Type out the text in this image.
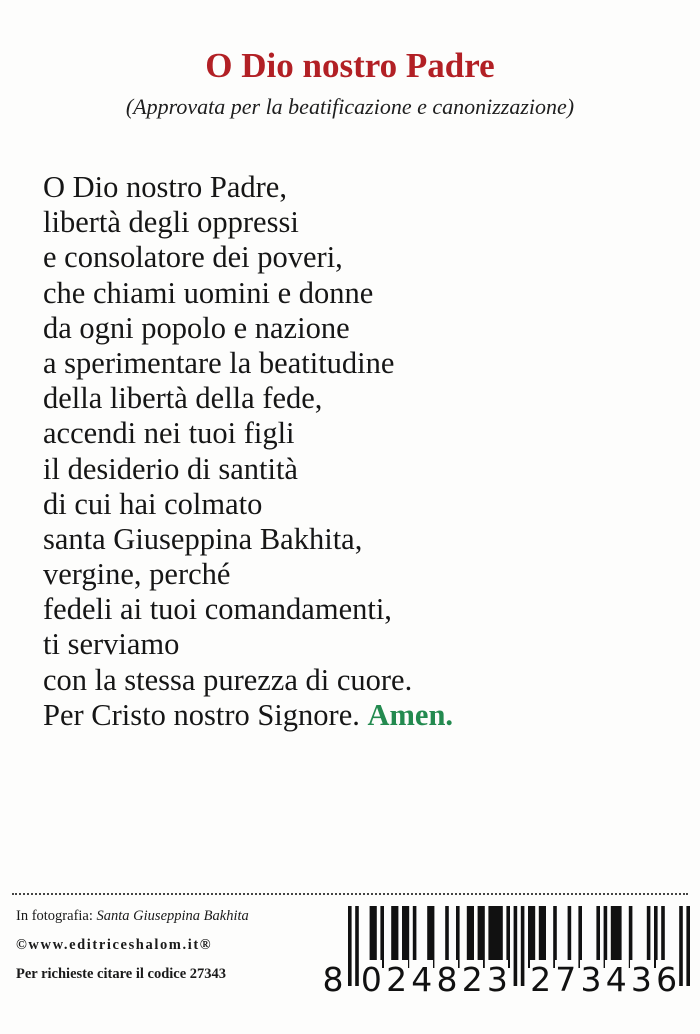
O Dio nostro Padre

(Approvata per la beatificazione e canonizzazione)

O Dio nostro Padre,
libertà degli oppressi
e consolatore dei poveri,
che chiami uomini e donne
da ogni popolo e nazione
a sperimentare la beatitudine
della libertà della fede,
accendi nei tuoi figli
il desiderio di santità
di cui hai colmato
santa Giuseppina Bakhita,
vergine, perché
fedeli ai tuoi comandamenti,
ti serviamo
con la stessa purezza di cuore.
Per Cristo nostro Signore. Amen.
In fotografia: Santa Giuseppina Bakhita
©www.editriceshalom.it®
Per richieste citare il codice 27343	8 0 2 4 8 2 3 2 7 3 4 3 6
